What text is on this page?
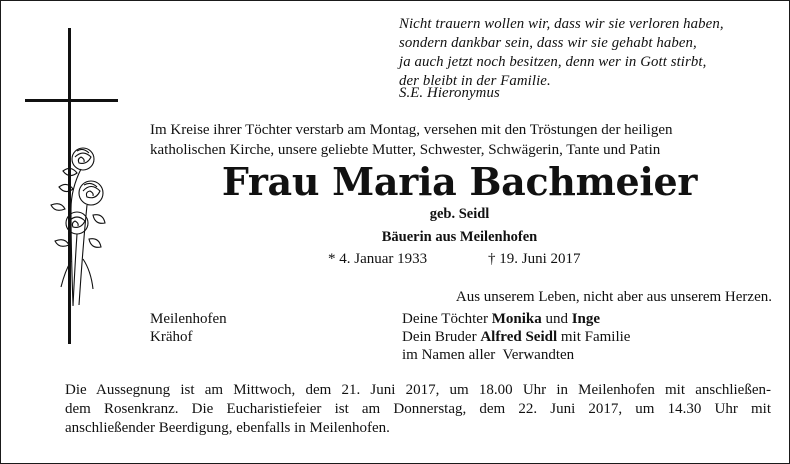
Nicht trauern wollen wir, dass wir sie verloren haben,
sondern dankbar sein, dass wir sie gehabt haben,
ja auch jetzt noch besitzen, denn wer in Gott stirbt,
der bleibt in der Familie.
S.E. Hieronymus
Im Kreise ihrer Töchter verstarb am Montag, versehen mit den Tröstungen der heiligen
katholischen Kirche, unsere geliebte Mutter, Schwester, Schwägerin, Tante und Patin
Frau Maria Bachmeier
geb. Seidl
Bäuerin aus Meilenhofen
* 4. Januar 1933	† 19. Juni 2017
Aus unserem Leben, nicht aber aus unserem Herzen.
Meilenhofen
Krähof
Deine Töchter Monika und Inge
Dein Bruder Alfred Seidl mit Familie
im Namen aller  Verwandten
Die Aussegnung ist am Mittwoch, dem 21. Juni 2017, um 18.00 Uhr in Meilenhofen mit anschließen-
dem Rosenkranz. Die Eucharistiefeier ist am Donnerstag, dem 22. Juni 2017, um 14.30 Uhr mit
anschließender Beerdigung, ebenfalls in Meilenhofen.
